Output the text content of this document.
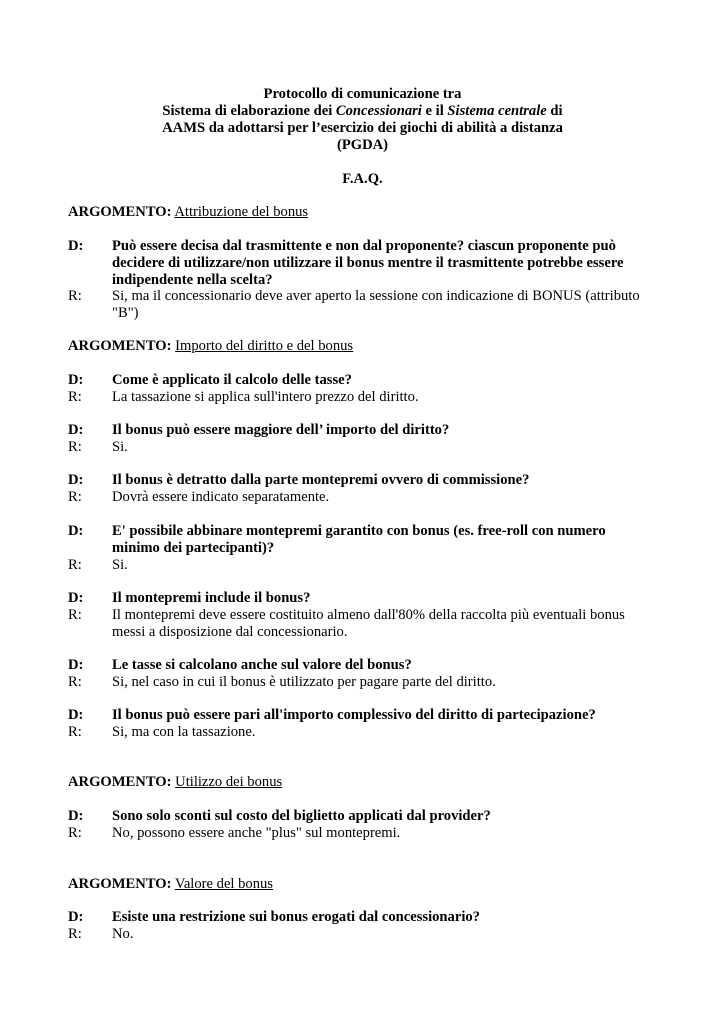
Protocollo di comunicazione tra
Sistema di elaborazione dei Concessionari e il Sistema centrale di
AAMS da adottarsi per l’esercizio dei giochi di abilità a distanza
(PGDA)
F.A.Q.
ARGOMENTO: Attribuzione del bonus
D:	Può essere decisa dal trasmittente e non dal proponente? ciascun proponente può decidere di utilizzare/non utilizzare il bonus mentre il trasmittente potrebbe essere indipendente nella scelta?
R:	Si, ma il concessionario deve aver aperto la sessione con indicazione di BONUS (attributo "B")
ARGOMENTO: Importo del diritto e del bonus
D:	Come è applicato il calcolo delle tasse?
R:	La tassazione si applica sull'intero prezzo del diritto.
D:	Il bonus può essere maggiore dell’ importo del diritto?
R:	Si.
D:	Il bonus è detratto dalla parte montepremi ovvero di commissione?
R:	Dovrà essere indicato separatamente.
D:	E' possibile abbinare montepremi garantito con bonus (es. free-roll con numero minimo dei partecipanti)?
R:	Si.
D:	Il montepremi include il bonus?
R:	Il montepremi deve essere costituito almeno dall'80% della raccolta più eventuali bonus messi a disposizione dal concessionario.
D:	Le tasse si calcolano anche sul valore del bonus?
R:	Si, nel caso in cui il bonus è utilizzato per pagare parte del diritto.
D:	Il bonus può essere pari all'importo complessivo del diritto di partecipazione?
R:	Si, ma con la tassazione.
ARGOMENTO: Utilizzo dei bonus
D:	Sono solo sconti sul costo del biglietto applicati dal provider?
R:	No, possono essere anche "plus" sul montepremi.
ARGOMENTO: Valore del bonus
D:	Esiste una restrizione sui bonus erogati dal concessionario?
R:	No.
